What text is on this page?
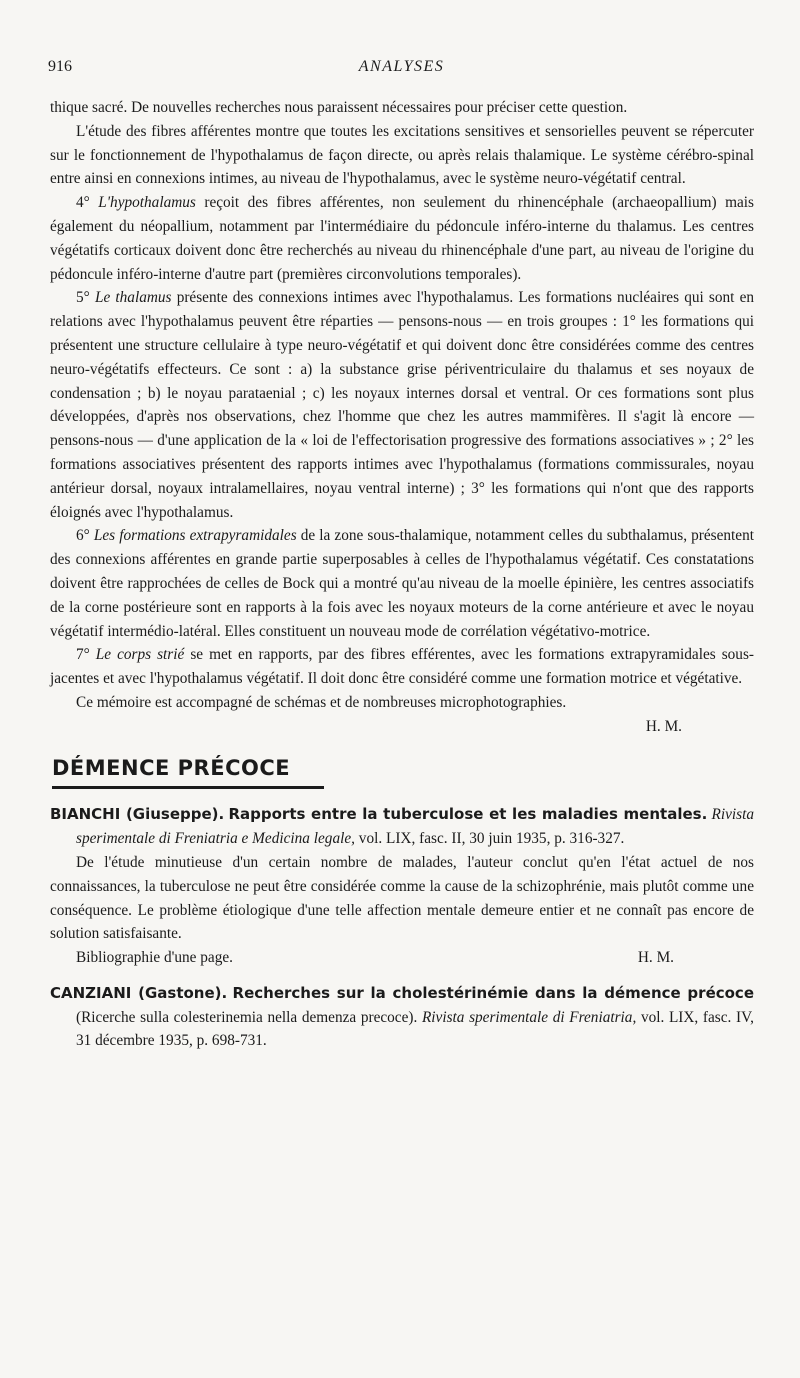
916	ANALYSES

thique sacré. De nouvelles recherches nous paraissent nécessaires pour préciser cette question.

L'étude des fibres afférentes montre que toutes les excitations sensitives et sensorielles peuvent se répercuter sur le fonctionnement de l'hypothalamus de façon directe, ou après relais thalamique. Le système cérébro-spinal entre ainsi en connexions intimes, au niveau de l'hypothalamus, avec le système neuro-végétatif central.

4° L'hypothalamus reçoit des fibres afférentes, non seulement du rhinencéphale (archaeopallium) mais également du néopallium, notamment par l'intermédiaire du pédoncule inféro-interne du thalamus. Les centres végétatifs corticaux doivent donc être recherchés au niveau du rhinencéphale d'une part, au niveau de l'origine du pédoncule inféro-interne d'autre part (premières circonvolutions temporales).

5° Le thalamus présente des connexions intimes avec l'hypothalamus. Les formations nucléaires qui sont en relations avec l'hypothalamus peuvent être réparties — pensons-nous — en trois groupes : 1° les formations qui présentent une structure cellulaire à type neuro-végétatif et qui doivent donc être considérées comme des centres neuro-végétatifs effecteurs. Ce sont : a) la substance grise périventriculaire du thalamus et ses noyaux de condensation ; b) le noyau parataenial ; c) les noyaux internes dorsal et ventral. Or ces formations sont plus développées, d'après nos observations, chez l'homme que chez les autres mammifères. Il s'agit là encore — pensons-nous — d'une application de la « loi de l'effectorisation progressive des formations associatives » ; 2° les formations associatives présentent des rapports intimes avec l'hypothalamus (formations commissurales, noyau antérieur dorsal, noyaux intralamellaires, noyau ventral interne) ; 3° les formations qui n'ont que des rapports éloignés avec l'hypothalamus.

6° Les formations extrapyramidales de la zone sous-thalamique, notamment celles du subthalamus, présentent des connexions afférentes en grande partie superposables à celles de l'hypothalamus végétatif. Ces constatations doivent être rapprochées de celles de Bock qui a montré qu'au niveau de la moelle épinière, les centres associatifs de la corne postérieure sont en rapports à la fois avec les noyaux moteurs de la corne antérieure et avec le noyau végétatif intermédio-latéral. Elles constituent un nouveau mode de corrélation végétativo-motrice.

7° Le corps strié se met en rapports, par des fibres efférentes, avec les formations extrapyramidales sous-jacentes et avec l'hypothalamus végétatif. Il doit donc être considéré comme une formation motrice et végétative.

Ce mémoire est accompagné de schémas et de nombreuses microphotographies.

H. M.

DÉMENCE PRÉCOCE

BIANCHI (Giuseppe). Rapports entre la tuberculose et les maladies mentales. Rivista sperimentale di Freniatria e Medicina legale, vol. LIX, fasc. II, 30 juin 1935, p. 316-327.

De l'étude minutieuse d'un certain nombre de malades, l'auteur conclut qu'en l'état actuel de nos connaissances, la tuberculose ne peut être considérée comme la cause de la schizophrénie, mais plutôt comme une conséquence. Le problème étiologique d'une telle affection mentale demeure entier et ne connaît pas encore de solution satisfaisante.

Bibliographie d'une page.	H. M.

CANZIANI (Gastone). Recherches sur la cholestérinémie dans la démence précoce (Ricerche sulla colesterinemia nella demenza precoce). Rivista sperimentale di Freniatria, vol. LIX, fasc. IV, 31 décembre 1935, p. 698-731.
